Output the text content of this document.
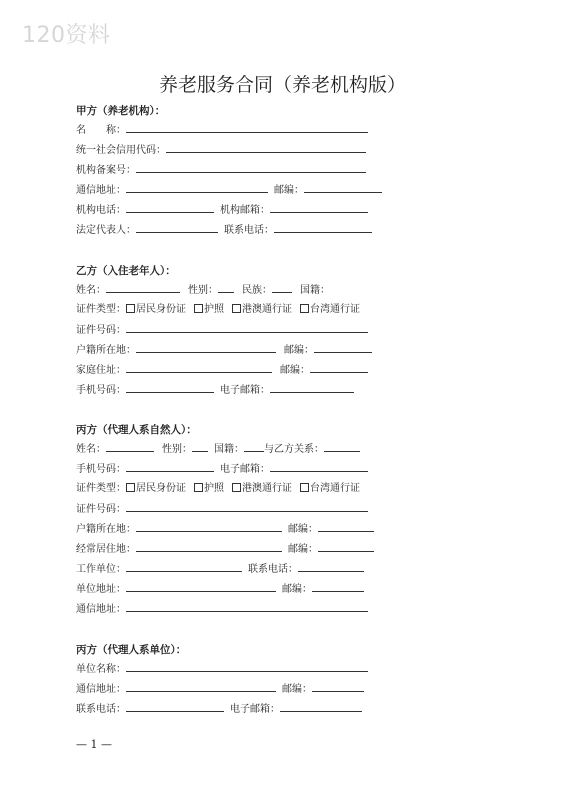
120资料
养老服务合同（养老机构版）
甲方（养老机构）：
名　　称：
统一社会信用代码：
机构备案号：
通信地址：	邮编：
机构电话：	机构邮箱：
法定代表人：	联系电话：
乙方（入住老年人）：
姓名：	性别： 民族：	国籍：
证件类型： 居民身份证 护照 港澳通行证 台湾通行证
证件号码：
户籍所在地：	邮编：
家庭住址：	邮编：
手机号码：	电子邮箱：
丙方（代理人系自然人）：
姓名：	性别： 国籍： 与乙方关系：
手机号码：	电子邮箱：
证件类型： 居民身份证 护照 港澳通行证 台湾通行证
证件号码：
户籍所在地：	邮编：
经常居住地：	邮编：
工作单位：	联系电话：
单位地址：	邮编：
通信地址：
丙方（代理人系单位）：
单位名称：
通信地址：	邮编：
联系电话：	电子邮箱：
— 1 —
